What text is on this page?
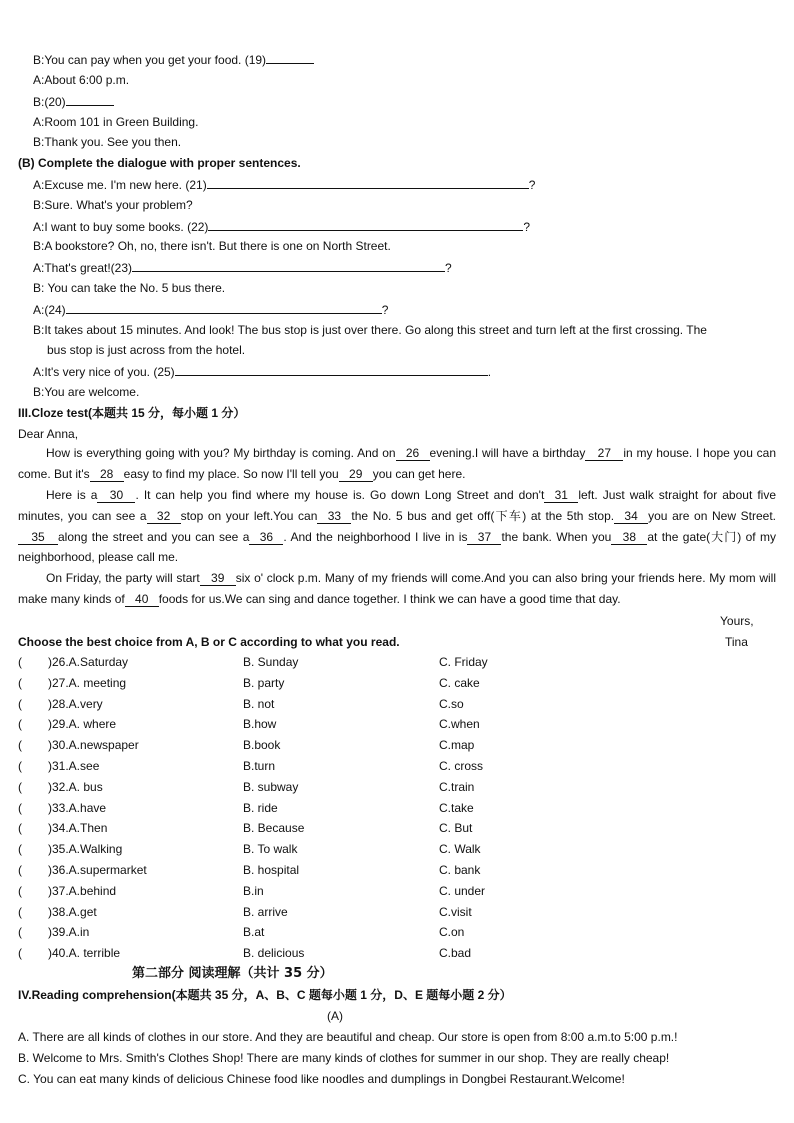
B:You can pay when you get your food. (19)
A:About 6:00 p.m.
B:(20)
A:Room 101 in Green Building.
B:Thank you. See you then.
(B) Complete the dialogue with proper sentences.
A:Excuse me. I'm new here. (21)	?
B:Sure. What's your problem?
A:I want to buy some books. (22)	?
B:A bookstore? Oh, no, there isn't. But there is one on North Street.
A:That's great!(23)	?
B: You can take the No. 5 bus there.
A:(24)	?
B:It takes about 15 minutes. And look! The bus stop is just over there. Go along this street and turn left at the first crossing. The
bus stop is just across from the hotel.
A:It's very nice of you. (25)	.
B:You are welcome.
III.Cloze test(本题共 15 分，每小题 1 分）
Dear Anna,
How is everything going with you? My birthday is coming. And on 26 evening.I will have a birthday 27 in my house. I hope you can come. But it's 28 easy to find my place. So now I'll tell you 29 you can get here.
Here is a 30 . It can help you find where my house is. Go down Long Street and don't 31 left. Just walk straight for about five minutes, you can see a 32 stop on your left.You can 33 the No. 5 bus and get off(下车) at the 5th stop. 34 you are on New Street.35 along the street and you can see a 36 . And the neighborhood I live in is 37 the bank. When you 38 at the gate(大门) of my neighborhood, please call me.
On Friday, the party will start 39 six o' clock p.m. Many of my friends will come.And you can also bring your friends here. My mom will make many kinds of 40 foods for us.We can sing and dance together. I think we can have a good time that day.
Yours,
Choose the best choice from A, B or C according to what you read.	Tina
( )26.A.Saturday	B. Sunday	C. Friday
( )27.A. meeting	B. party	C. cake
( )28.A.very	B. not	C.so
( )29.A. where	B.how	C.when
( )30.A.newspaper	B.book	C.map
( )31.A.see	B.turn	C. cross
( )32.A. bus	B. subway	C.train
( )33.A.have	B. ride	C.take
( )34.A.Then	B. Because	C. But
( )35.A.Walking	B. To walk	C. Walk
( )36.A.supermarket	B. hospital	C. bank
( )37.A.behind	B.in	C. under
( )38.A.get	B. arrive	C.visit
( )39.A.in	B.at	C.on
( )40.A. terrible	B. delicious	C.bad
第二部分 阅读理解（共计 35 分）
IV.Reading comprehension(本题共 35 分，A、B、C 题每小题 1 分，D、E 题每小题 2 分）
(A)
A. There are all kinds of clothes in our store. And they are beautiful and cheap. Our store is open from 8:00 a.m.to 5:00 p.m.!
B. Welcome to Mrs. Smith's Clothes Shop! There are many kinds of clothes for summer in our shop. They are really cheap!
C. You can eat many kinds of delicious Chinese food like noodles and dumplings in Dongbei Restaurant.Welcome!
